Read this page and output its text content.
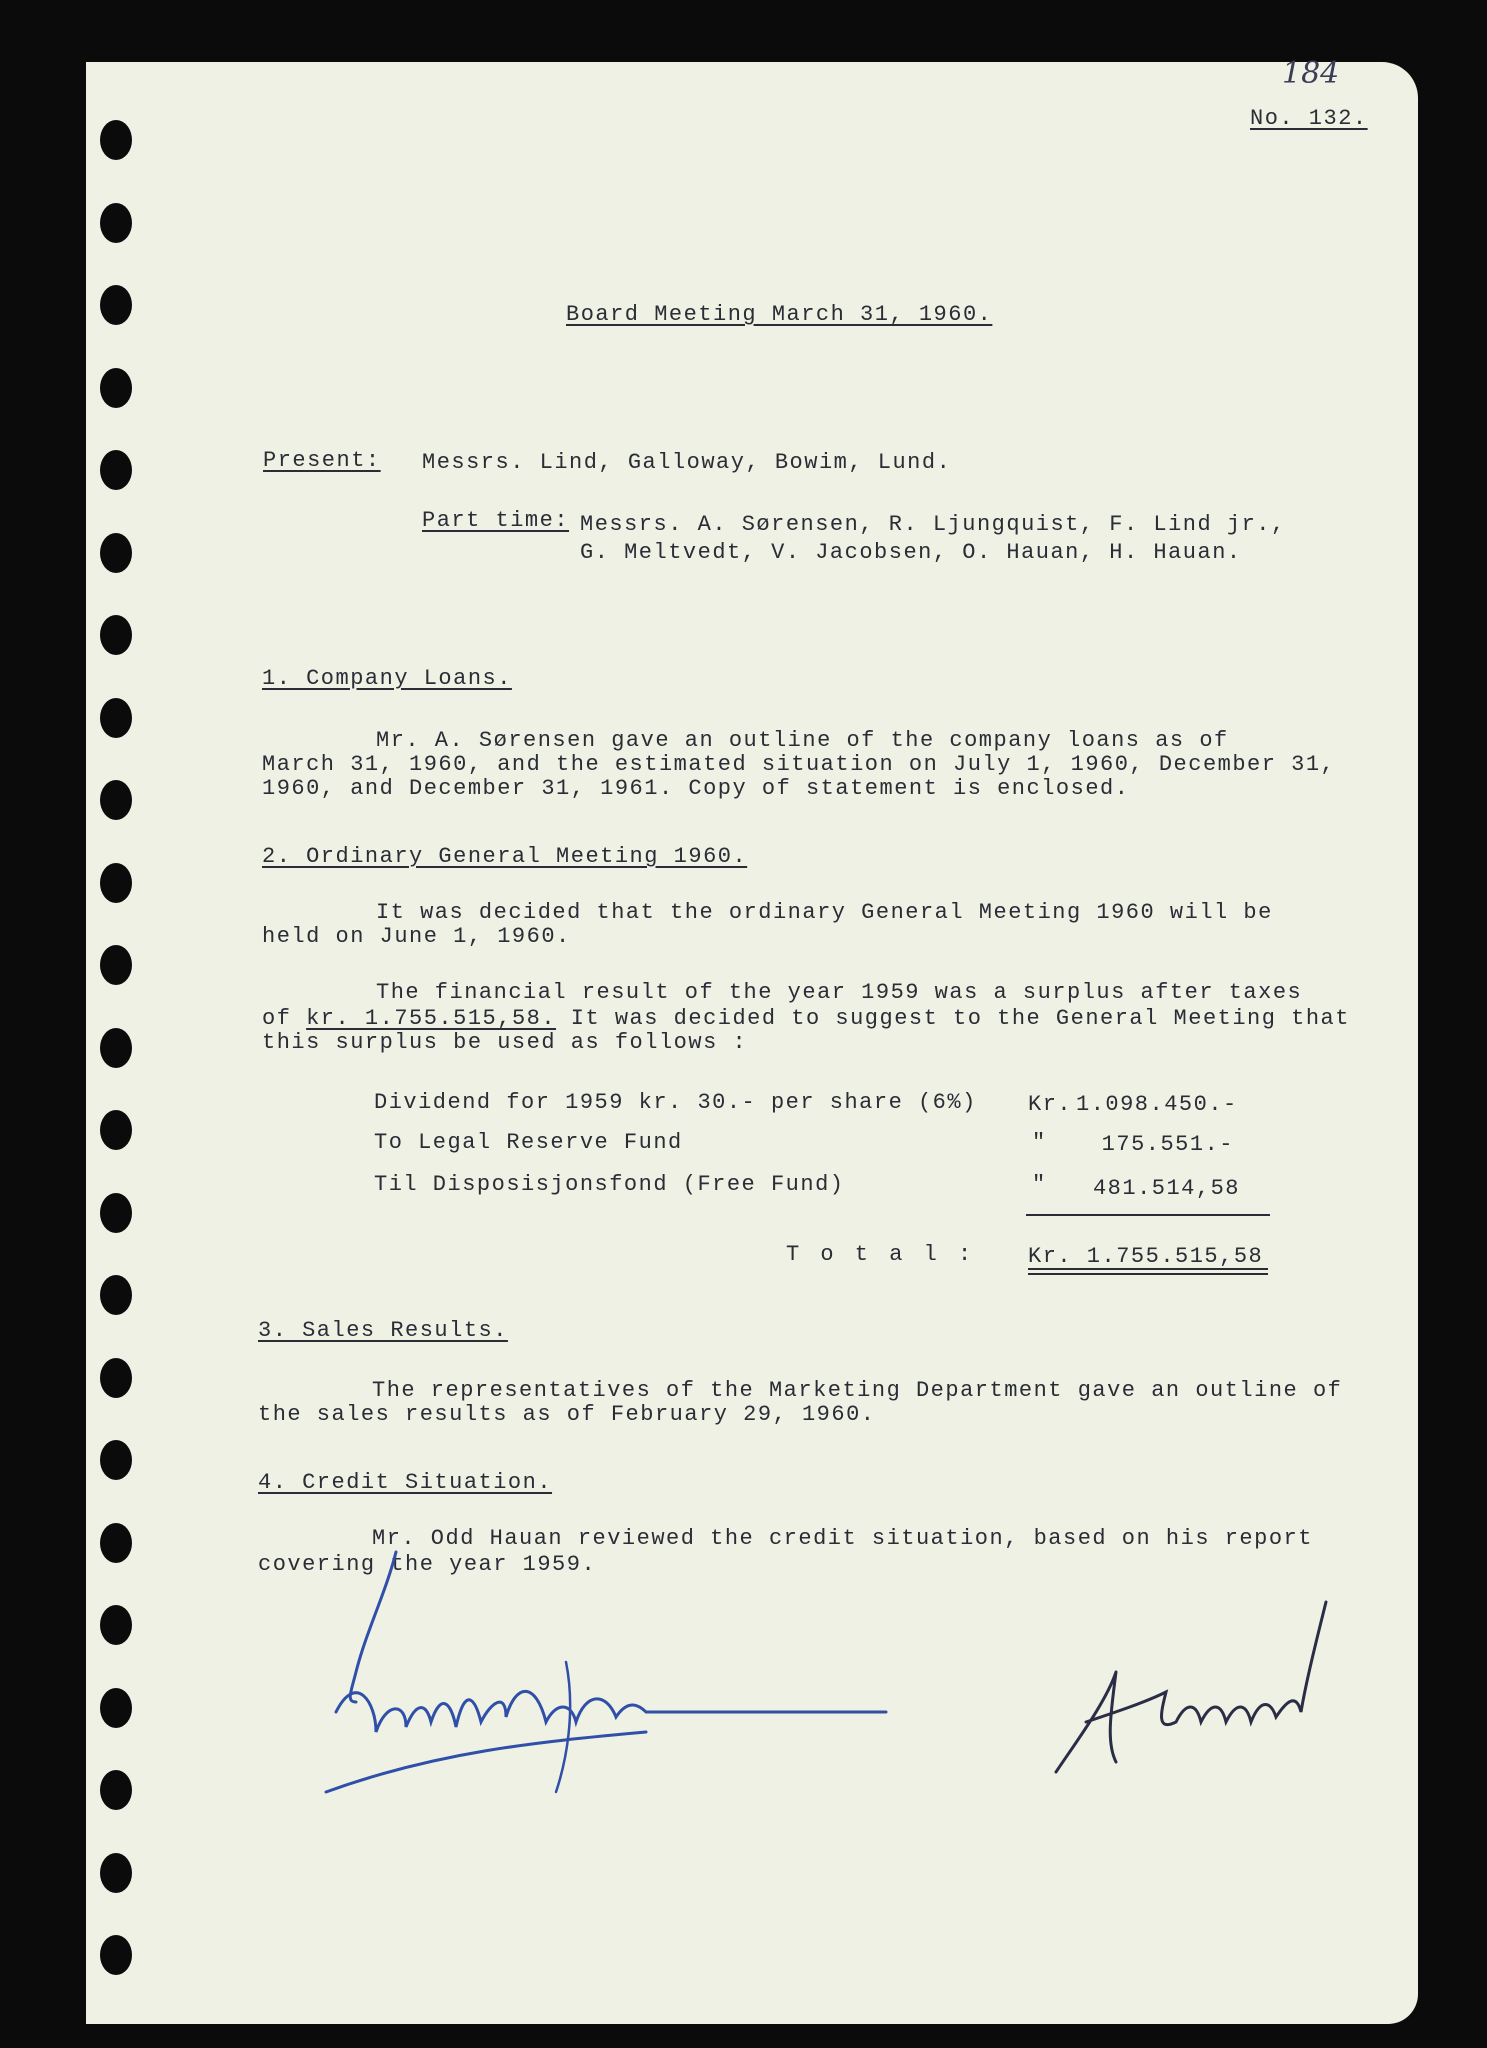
184
No. 132.
Board Meeting March 31, 1960.
Present: Messrs. Lind, Galloway, Bowim, Lund.
Part time: Messrs. A. Sørensen, R. Ljungquist, F. Lind jr.,
G. Meltvedt, V. Jacobsen, O. Hauan, H. Hauan.
1. Company Loans.
Mr. A. Sørensen gave an outline of the company loans as of
March 31, 1960, and the estimated situation on July 1, 1960, December 31,
1960, and December 31, 1961. Copy of statement is enclosed.
2. Ordinary General Meeting 1960.
It was decided that the ordinary General Meeting 1960 will be
held on June 1, 1960.
The financial result of the year 1959 was a surplus after taxes
of kr. 1.755.515,58. It was decided to suggest to the General Meeting that
this surplus be used as follows :
Dividend for 1959 kr. 30.- per share (6%) Kr. 1.098.450.-
To Legal Reserve Fund	"	175.551.-
Til Disposisjonsfond (Free Fund)	"	481.514,58
T o t a l : Kr. 1.755.515,58
3. Sales Results.
The representatives of the Marketing Department gave an outline of
the sales results as of February 29, 1960.
4. Credit Situation.
Mr. Odd Hauan reviewed the credit situation, based on his report
covering the year 1959.
